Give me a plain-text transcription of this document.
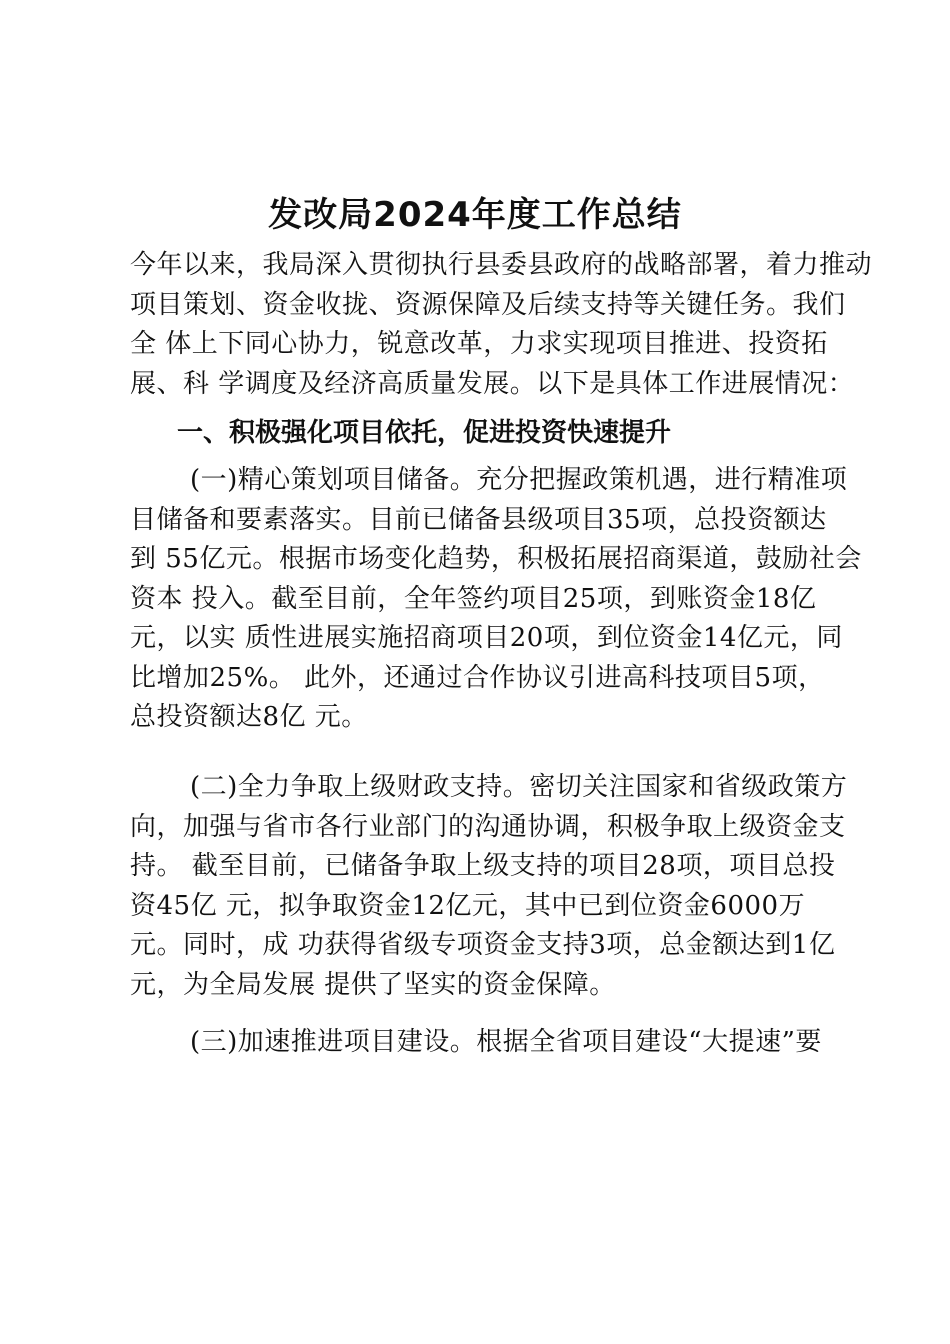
发改局2024年度工作总结
今年以来，我局深入贯彻执行县委县政府的战略部署，着力推动
项目策划、资金收拢、资源保障及后续支持等关键任务。我们
全 体上下同心协力，锐意改革，力求实现项目推进、投资拓
展、科 学调度及经济高质量发展。以下是具体工作进展情况：
一、积极强化项目依托，促进投资快速提升
(一)精心策划项目储备。充分把握政策机遇，进行精准项
目储备和要素落实。目前已储备县级项目35项，总投资额达
到 55亿元。根据市场变化趋势，积极拓展招商渠道，鼓励社会
资本 投入。截至目前，全年签约项目25项，到账资金18亿
元，以实 质性进展实施招商项目20项，到位资金14亿元，同
比增加25%。 此外，还通过合作协议引进高科技项目5项，
总投资额达8亿 元。
(二)全力争取上级财政支持。密切关注国家和省级政策方
向，加强与省市各行业部门的沟通协调，积极争取上级资金支
持。 截至目前，已储备争取上级支持的项目28项，项目总投
资45亿 元，拟争取资金12亿元，其中已到位资金6000万
元。同时，成 功获得省级专项资金支持3项，总金额达到1亿
元，为全局发展 提供了坚实的资金保障。
(三)加速推进项目建设。根据全省项目建设“大提速”要
